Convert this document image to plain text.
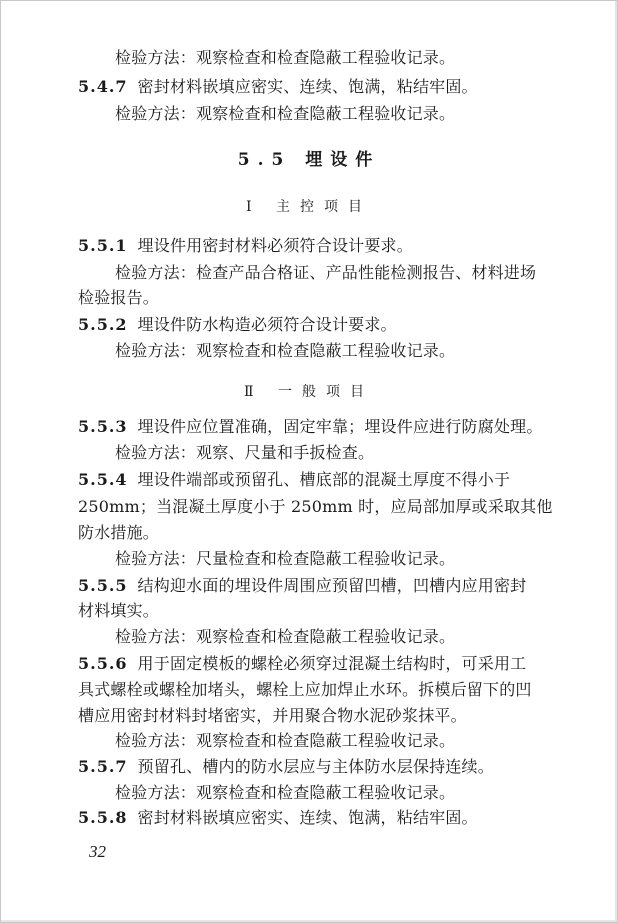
检验方法：观察检查和检查隐蔽工程验收记录。
5.4.7 密封材料嵌填应密实、连续、饱满，粘结牢固。
检验方法：观察检查和检查隐蔽工程验收记录。
5.5 埋设件
Ⅰ 主控项目
5.5.1 埋设件用密封材料必须符合设计要求。
检验方法：检查产品合格证、产品性能检测报告、材料进场
检验报告。
5.5.2 埋设件防水构造必须符合设计要求。
检验方法：观察检查和检查隐蔽工程验收记录。
Ⅱ 一般项目
5.5.3 埋设件应位置准确，固定牢靠；埋设件应进行防腐处理。
检验方法：观察、尺量和手扳检查。
5.5.4 埋设件端部或预留孔、槽底部的混凝土厚度不得小于
250mm；当混凝土厚度小于 250mm 时，应局部加厚或采取其他
防水措施。
检验方法：尺量检查和检查隐蔽工程验收记录。
5.5.5 结构迎水面的埋设件周围应预留凹槽，凹槽内应用密封
材料填实。
检验方法：观察检查和检查隐蔽工程验收记录。
5.5.6 用于固定模板的螺栓必须穿过混凝土结构时，可采用工
具式螺栓或螺栓加堵头，螺栓上应加焊止水环。拆模后留下的凹
槽应用密封材料封堵密实，并用聚合物水泥砂浆抹平。
检验方法：观察检查和检查隐蔽工程验收记录。
5.5.7 预留孔、槽内的防水层应与主体防水层保持连续。
检验方法：观察检查和检查隐蔽工程验收记录。
5.5.8 密封材料嵌填应密实、连续、饱满，粘结牢固。
32
